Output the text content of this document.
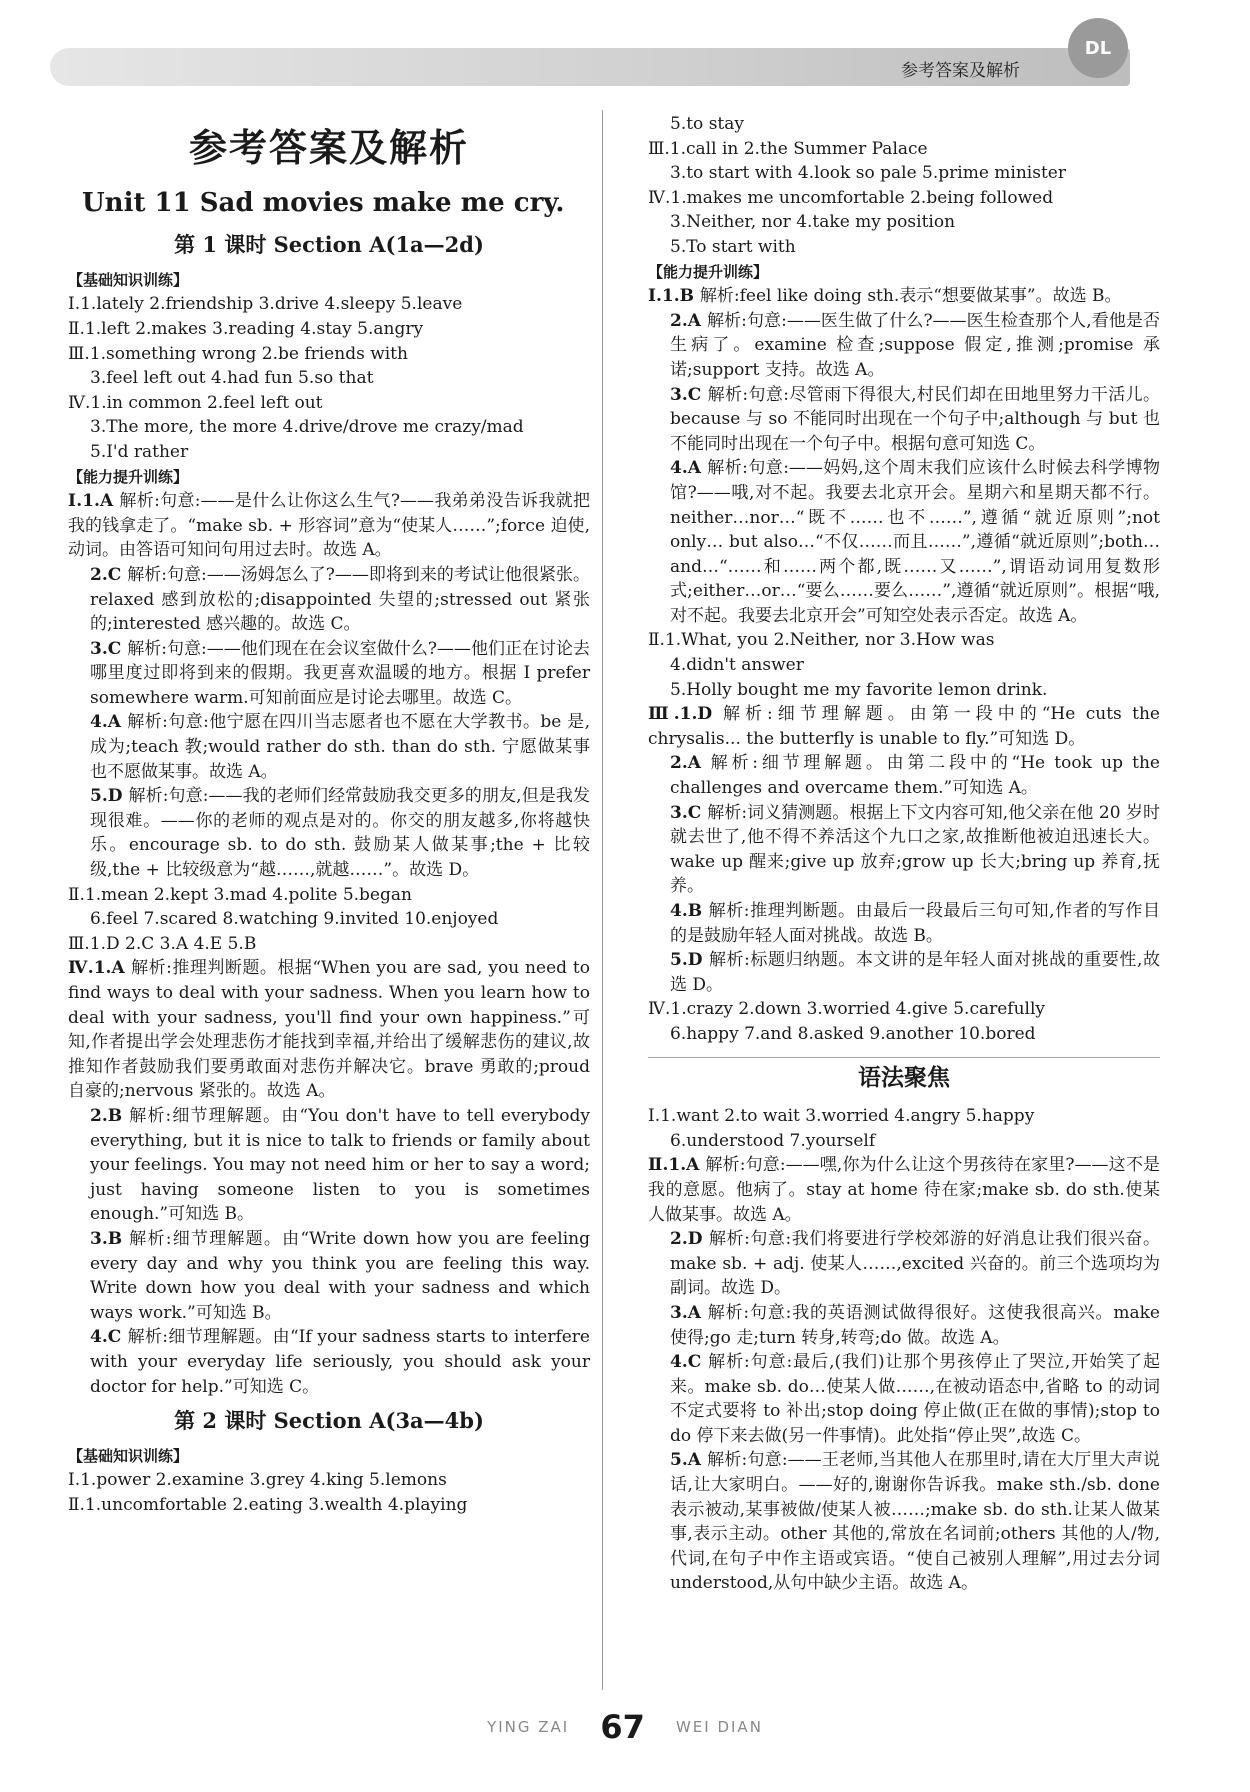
参考答案及解析
DL
参考答案及解析
Unit 11 Sad movies make me cry.
第 1 课时 Section A(1a—2d)
【基础知识训练】
Ⅰ.1.lately 2.friendship 3.drive 4.sleepy 5.leave
Ⅱ.1.left 2.makes 3.reading 4.stay 5.angry
Ⅲ.1.something wrong 2.be friends with
3.feel left out 4.had fun 5.so that
Ⅳ.1.in common 2.feel left out
3.The more, the more 4.drive/drove me crazy/mad
5.I'd rather
【能力提升训练】
Ⅰ.1.A 解析:句意:——是什么让你这么生气?——我弟弟没告诉我就把我的钱拿走了。“make sb. + 形容词”意为“使某人……”;force 迫使,动词。由答语可知问句用过去时。故选 A。
2.C 解析:句意:——汤姆怎么了?——即将到来的考试让他很紧张。relaxed 感到放松的;disappointed 失望的;stressed out 紧张的;interested 感兴趣的。故选 C。
3.C 解析:句意:——他们现在在会议室做什么?——他们正在讨论去哪里度过即将到来的假期。我更喜欢温暖的地方。根据 I prefer somewhere warm.可知前面应是讨论去哪里。故选 C。
4.A 解析:句意:他宁愿在四川当志愿者也不愿在大学教书。be 是,成为;teach 教;would rather do sth. than do sth. 宁愿做某事也不愿做某事。故选 A。
5.D 解析:句意:——我的老师们经常鼓励我交更多的朋友,但是我发现很难。——你的老师的观点是对的。你交的朋友越多,你将越快乐。encourage sb. to do sth. 鼓励某人做某事;the + 比较级,the + 比较级意为“越……,就越……”。故选 D。
Ⅱ.1.mean 2.kept 3.mad 4.polite 5.began
6.feel 7.scared 8.watching 9.invited 10.enjoyed
Ⅲ.1.D 2.C 3.A 4.E 5.B
Ⅳ.1.A 解析:推理判断题。根据“When you are sad, you need to find ways to deal with your sadness. When you learn how to deal with your sadness, you'll find your own happiness.”可知,作者提出学会处理悲伤才能找到幸福,并给出了缓解悲伤的建议,故推知作者鼓励我们要勇敢面对悲伤并解决它。brave 勇敢的;proud 自豪的;nervous 紧张的。故选 A。
2.B 解析:细节理解题。由“You don't have to tell everybody everything, but it is nice to talk to friends or family about your feelings. You may not need him or her to say a word; just having someone listen to you is sometimes enough.”可知选 B。
3.B 解析:细节理解题。由“Write down how you are feeling every day and why you think you are feeling this way. Write down how you deal with your sadness and which ways work.”可知选 B。
4.C 解析:细节理解题。由“If your sadness starts to interfere with your everyday life seriously, you should ask your doctor for help.”可知选 C。
第 2 课时 Section A(3a—4b)
【基础知识训练】
Ⅰ.1.power 2.examine 3.grey 4.king 5.lemons
Ⅱ.1.uncomfortable 2.eating 3.wealth 4.playing
5.to stay
Ⅲ.1.call in 2.the Summer Palace
3.to start with 4.look so pale 5.prime minister
Ⅳ.1.makes me uncomfortable 2.being followed
3.Neither, nor 4.take my position
5.To start with
【能力提升训练】
Ⅰ.1.B 解析:feel like doing sth.表示“想要做某事”。故选 B。
2.A 解析:句意:——医生做了什么?——医生检查那个人,看他是否生病了。examine 检查;suppose 假定,推测;promise 承诺;support 支持。故选 A。
3.C 解析:句意:尽管雨下得很大,村民们却在田地里努力干活儿。because 与 so 不能同时出现在一个句子中;although 与 but 也不能同时出现在一个句子中。根据句意可知选 C。
4.A 解析:句意:——妈妈,这个周末我们应该什么时候去科学博物馆?——哦,对不起。我要去北京开会。星期六和星期天都不行。neither…nor…“既不……也不……”,遵循“就近原则”;not only… but also…“不仅……而且……”,遵循“就近原则”;both…and…“……和……两个都,既……又……”,谓语动词用复数形式;either…or…“要么……要么……”,遵循“就近原则”。根据“哦,对不起。我要去北京开会”可知空处表示否定。故选 A。
Ⅱ.1.What, you 2.Neither, nor 3.How was
4.didn't answer
5.Holly bought me my favorite lemon drink.
Ⅲ.1.D 解析:细节理解题。由第一段中的“He cuts the chrysalis... the butterfly is unable to fly.”可知选 D。
2.A 解析:细节理解题。由第二段中的“He took up the challenges and overcame them.”可知选 A。
3.C 解析:词义猜测题。根据上下文内容可知,他父亲在他 20 岁时就去世了,他不得不养活这个九口之家,故推断他被迫迅速长大。wake up 醒来;give up 放弃;grow up 长大;bring up 养育,抚养。
4.B 解析:推理判断题。由最后一段最后三句可知,作者的写作目的是鼓励年轻人面对挑战。故选 B。
5.D 解析:标题归纳题。本文讲的是年轻人面对挑战的重要性,故选 D。
Ⅳ.1.crazy 2.down 3.worried 4.give 5.carefully
6.happy 7.and 8.asked 9.another 10.bored
语法聚焦
Ⅰ.1.want 2.to wait 3.worried 4.angry 5.happy
6.understood 7.yourself
Ⅱ.1.A 解析:句意:——嘿,你为什么让这个男孩待在家里?——这不是我的意愿。他病了。stay at home 待在家;make sb. do sth.使某人做某事。故选 A。
2.D 解析:句意:我们将要进行学校郊游的好消息让我们很兴奋。make sb. + adj. 使某人……,excited 兴奋的。前三个选项均为副词。故选 D。
3.A 解析:句意:我的英语测试做得很好。这使我很高兴。make 使得;go 走;turn 转身,转弯;do 做。故选 A。
4.C 解析:句意:最后,(我们)让那个男孩停止了哭泣,开始笑了起来。make sb. do…使某人做……,在被动语态中,省略 to 的动词不定式要将 to 补出;stop doing 停止做(正在做的事情);stop to do 停下来去做(另一件事情)。此处指“停止哭”,故选 C。
5.A 解析:句意:——王老师,当其他人在那里时,请在大厅里大声说话,让大家明白。——好的,谢谢你告诉我。make sth./sb. done 表示被动,某事被做/使某人被……;make sb. do sth.让某人做某事,表示主动。other 其他的,常放在名词前;others 其他的人/物,代词,在句子中作主语或宾语。“使自己被别人理解”,用过去分词 understood,从句中缺少主语。故选 A。
YING ZAI 67 WEI DIAN
